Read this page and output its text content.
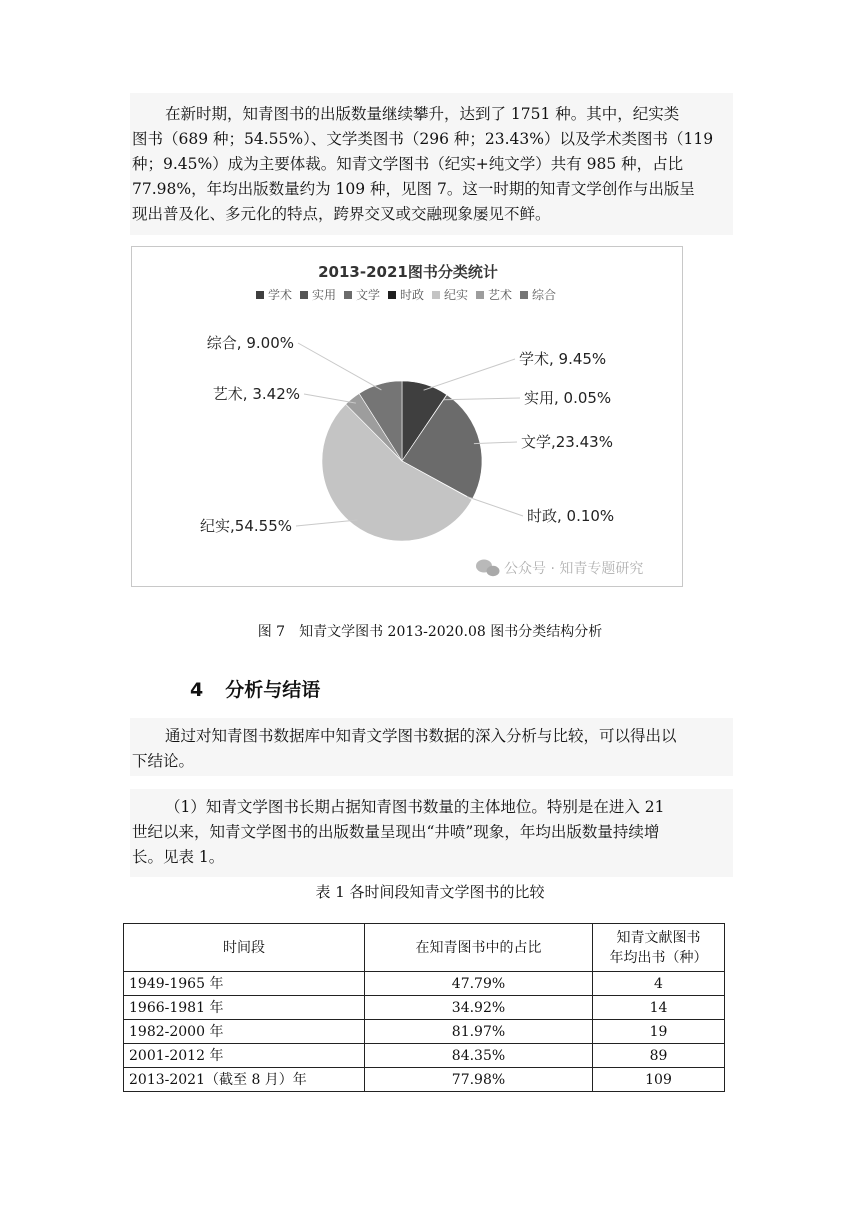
在新时期，知青图书的出版数量继续攀升，达到了 1751 种。其中，纪实类
图书（689 种；54.55%）、文学类图书（296 种；23.43%）以及学术类图书（119
种；9.45%）成为主要体裁。知青文学图书（纪实+纯文学）共有 985 种，占比
77.98%，年均出版数量约为 109 种，见图 7。这一时期的知青文学创作与出版呈
现出普及化、多元化的特点，跨界交叉或交融现象屡见不鲜。
2013-2021图书分类统计
学术 实用 文学 时政 纪实 艺术 综合
学术, 9.45%
实用, 0.05%
文学,23.43%
时政, 0.10%
纪实,54.55%
艺术, 3.42%
综合, 9.00%
公众号 · 知青专题研究
图 7　知青文学图书 2013-2020.08 图书分类结构分析
4 分析与结语
通过对知青图书数据库中知青文学图书数据的深入分析与比较，可以得出以
下结论。
（1）知青文学图书长期占据知青图书数量的主体地位。特别是在进入 21
世纪以来，知青文学图书的出版数量呈现出“井喷”现象，年均出版数量持续增
长。见表 1。
表 1 各时间段知青文学图书的比较
时间段	在知青图书中的占比	知青文献图书
年均出书（种）
1949-1965 年	47.79%	4
1966-1981 年	34.92%	14
1982-2000 年	81.97%	19
2001-2012 年	84.35%	89
2013-2021（截至 8 月）年	77.98%	109
